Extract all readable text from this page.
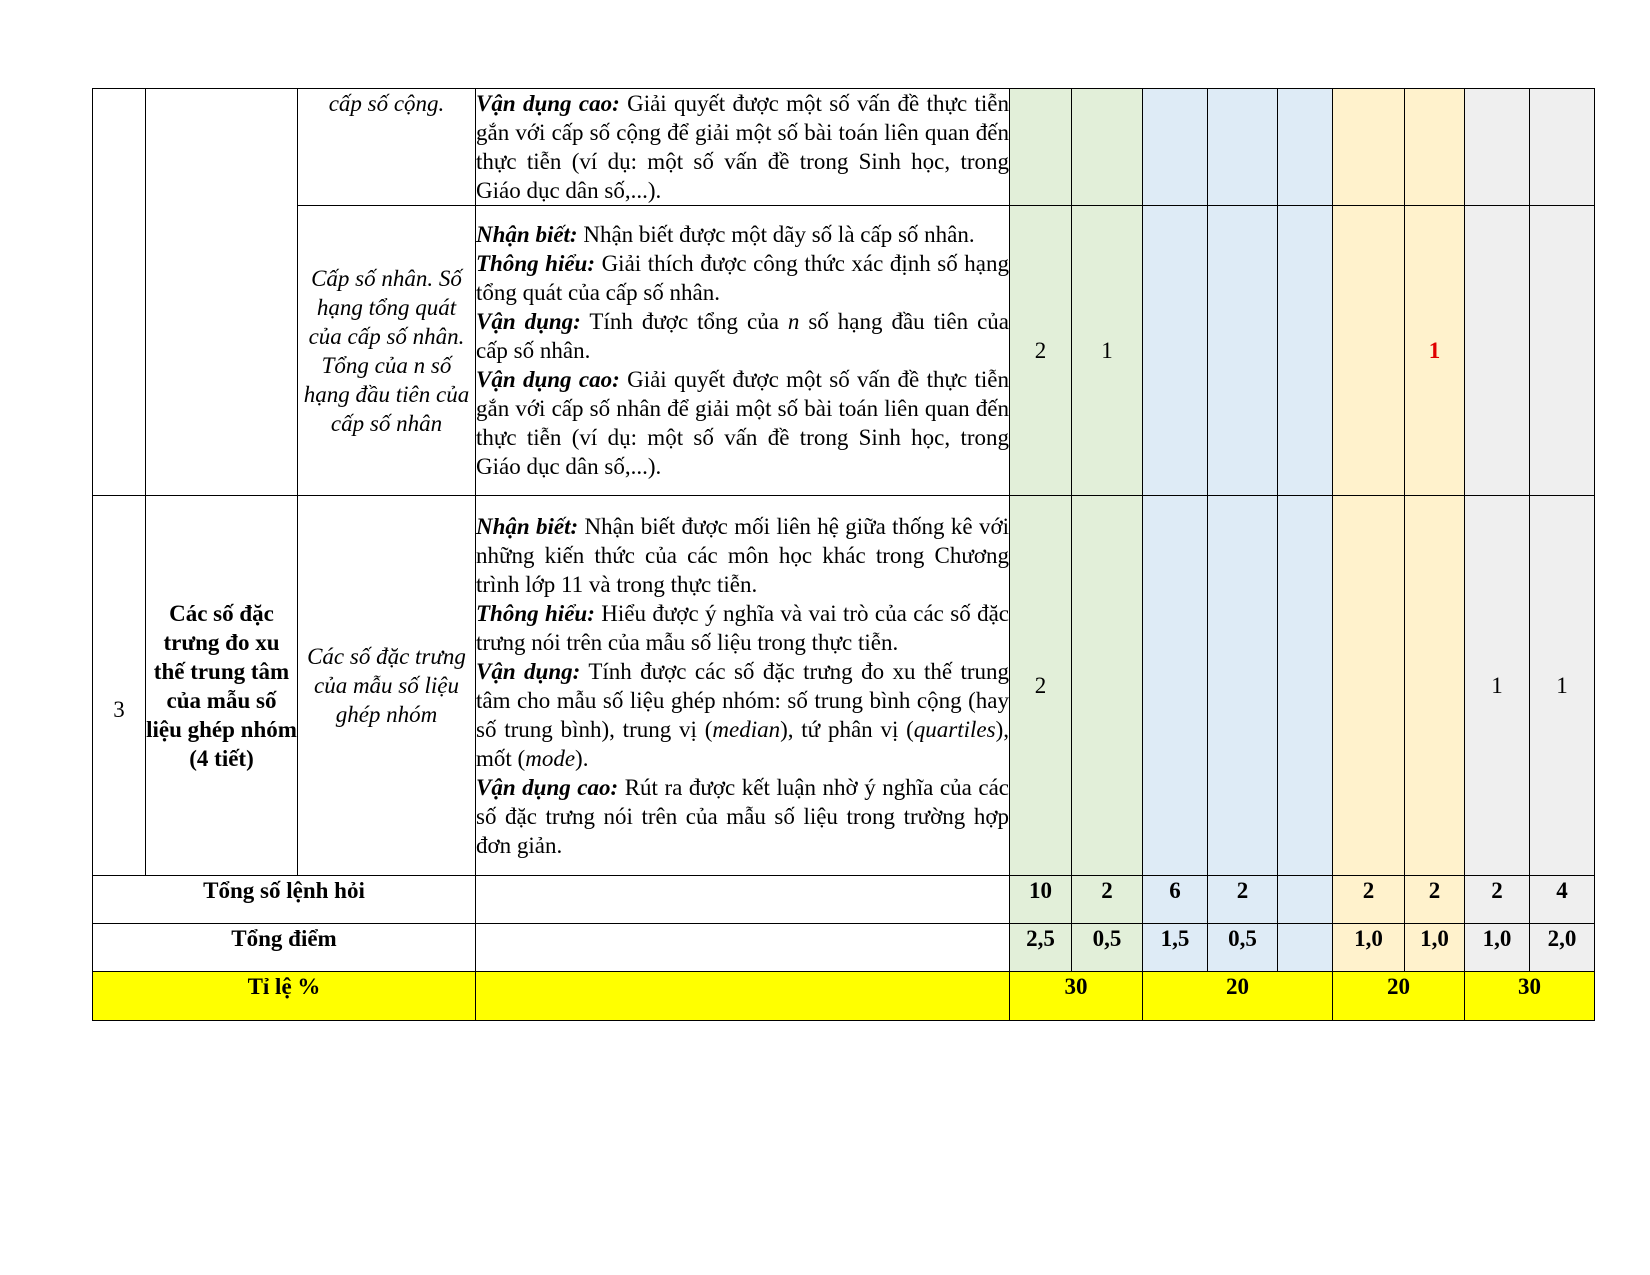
		cấp số cộng.	Vận dụng cao: Giải quyết được một số vấn đề thực tiễn gắn với cấp số cộng để giải một số bài toán liên quan đến thực tiễn (ví dụ: một số vấn đề trong Sinh học, trong Giáo dục dân số,...).									

		Cấp số nhân. Số hạng tổng quát của cấp số nhân. Tổng của n số hạng đầu tiên của cấp số nhân	Nhận biết: Nhận biết được một dãy số là cấp số nhân.

Thông hiểu: Giải thích được công thức xác định số hạng tổng quát của cấp số nhân.

Vận dụng: Tính được tổng của n số hạng đầu tiên của cấp số nhân.

Vận dụng cao: Giải quyết được một số vấn đề thực tiễn gắn với cấp số nhân để giải một số bài toán liên quan đến thực tiễn (ví dụ: một số vấn đề trong Sinh học, trong Giáo dục dân số,...).	2	1					1		
3	Các số đặc trưng đo xu thế trung tâm của mẫu số liệu ghép nhóm (4 tiết)	Các số đặc trưng của mẫu số liệu ghép nhóm	Nhận biết: Nhận biết được mối liên hệ giữa thống kê với những kiến thức của các môn học khác trong Chương trình lớp 11 và trong thực tiễn.

Thông hiểu: Hiểu được ý nghĩa và vai trò của các số đặc trưng nói trên của mẫu số liệu trong thực tiễn.

Vận dụng: Tính được các số đặc trưng đo xu thế trung tâm cho mẫu số liệu ghép nhóm: số trung bình cộng (hay số trung bình), trung vị (median), tứ phân vị (quartiles), mốt (mode).

Vận dụng cao: Rút ra được kết luận nhờ ý nghĩa của các số đặc trưng nói trên của mẫu số liệu trong trường hợp đơn giản.	2							1	1
Tổng số lệnh hỏi				10	2	6	2		2	2	2	4
Tổng điểm				2,5	0,5	1,5	0,5		1,0	1,0	1,0	2,0
Tỉ lệ %				30		20			20		30	
